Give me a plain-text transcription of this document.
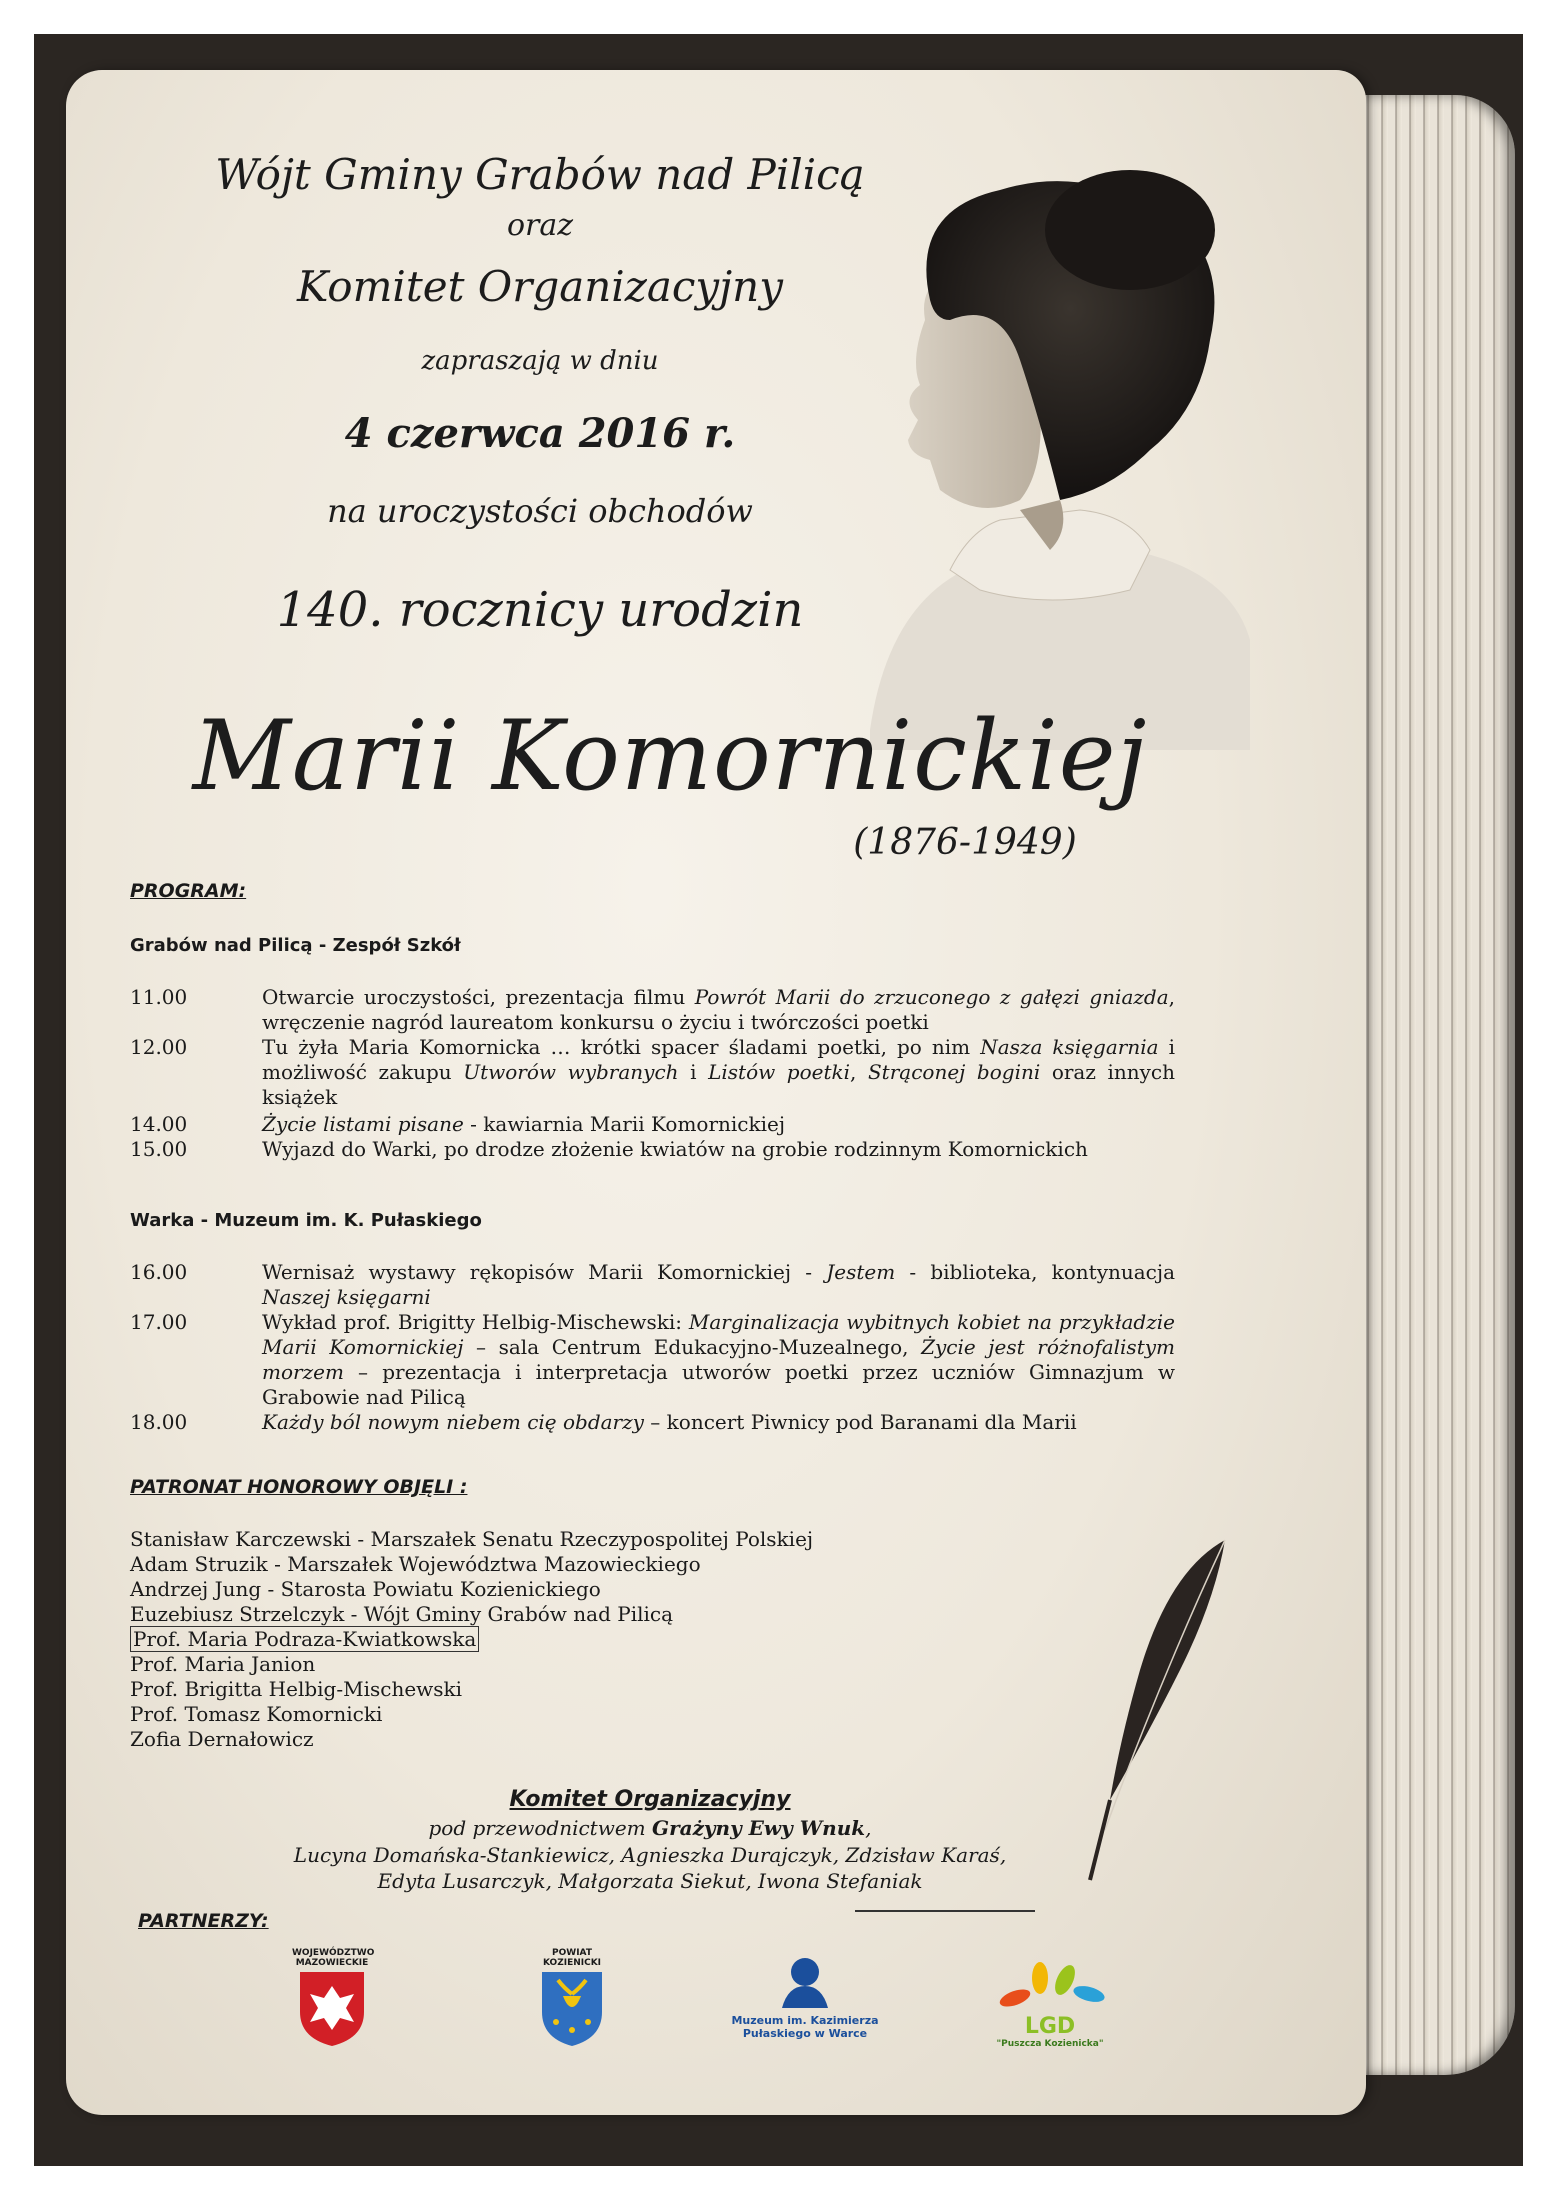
Wójt Gminy Grabów nad Pilicą
oraz
Komitet Organizacyjny
zapraszają w dniu
4 czerwca 2016 r.
na uroczystości obchodów
140. rocznicy urodzin
Marii Komornickiej
(1876-1949)
PROGRAM:
Grabów nad Pilicą - Zespół Szkół
11.00	Otwarcie uroczystości, prezentacja filmu Powrót Marii do zrzuconego z gałęzi gniazda, wręczenie nagród laureatom konkursu o życiu i twórczości poetki
12.00	Tu żyła Maria Komornicka … krótki spacer śladami poetki, po nim Nasza księgarnia i możliwość zakupu Utworów wybranych i Listów poetki, Strąconej bogini oraz innych książek
14.00	Życie listami pisane - kawiarnia Marii Komornickiej
15.00	Wyjazd do Warki, po drodze złożenie kwiatów na grobie rodzinnym Komornickich
Warka - Muzeum im. K. Pułaskiego
16.00	Wernisaż wystawy rękopisów Marii Komornickiej - Jestem - biblioteka, kontynuacja Naszej księgarni
17.00	Wykład prof. Brigitty Helbig-Mischewski: Marginalizacja wybitnych kobiet na przykładzie Marii Komornickiej – sala Centrum Edukacyjno-Muzealnego, Życie jest różnofalistym morzem – prezentacja i interpretacja utworów poetki przez uczniów Gimnazjum w Grabowie nad Pilicą
18.00	Każdy ból nowym niebem cię obdarzy – koncert Piwnicy pod Baranami dla Marii
PATRONAT HONOROWY OBJĘLI :
Stanisław Karczewski - Marszałek Senatu Rzeczypospolitej Polskiej
Adam Struzik - Marszałek Województwa Mazowieckiego
Andrzej Jung - Starosta Powiatu Kozienickiego
Euzebiusz Strzelczyk - Wójt Gminy Grabów nad Pilicą
Prof. Maria Podraza-Kwiatkowska
Prof. Maria Janion
Prof. Brigitta Helbig-Mischewski
Prof. Tomasz Komornicki
Zofia Dernałowicz
Komitet Organizacyjny
pod przewodnictwem Grażyny Ewy Wnuk,
Lucyna Domańska-Stankiewicz, Agnieszka Durajczyk, Zdzisław Karaś,
Edyta Lusarczyk, Małgorzata Siekut, Iwona Stefaniak
PARTNERZY:
WOJEWÓDZTWO
MAZOWIECKIE
POWIAT
KOZIENICKI
Muzeum im. Kazimierza
Pułaskiego w Warce	LGD
"Puszcza Kozienicka"
